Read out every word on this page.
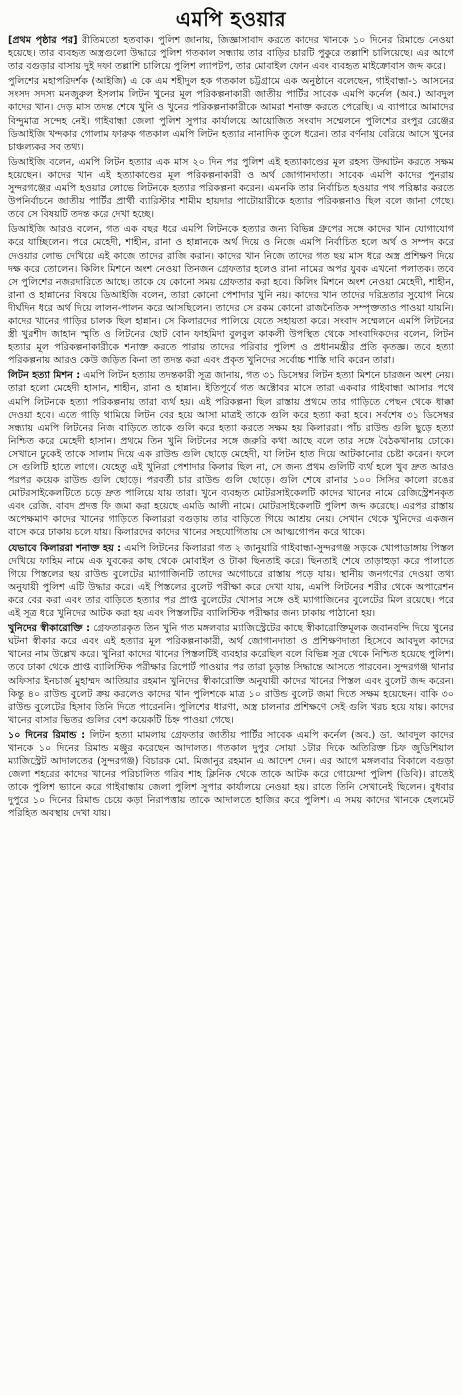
এমপি হওয়ার

[প্রথম পৃষ্ঠার পর] রীতিমতো হতবাক। পুলিশ জানায়, জিজ্ঞাসাবাদ করতে কাদের খানকে ১০ দিনের রিমান্ডে নেওয়া হয়েছে। তার ব্যবহৃত অস্ত্রগুলো উদ্ধারে পুলিশ গতকাল সন্ধ্যায় তার বাড়ির চারটি পুকুরে তল্লাশি চালিয়েছে। এর আগে তার বগুড়ার বাসায় দুই দফা তল্লাশি চালিয়ে পুলিশ ল্যাপটপ, তার মোবাইল ফোন এবং ব্যবহৃত মাইক্রোবাস জব্দ করে।

পুলিশের মহাপরিদর্শক (আইজি) এ কে এম শহীদুল হক গতকাল চট্টগ্রামে এক অনুষ্ঠানে বলেছেন, গাইবান্ধা-১ আসনের সংসদ সদস্য মনজুরুল ইসলাম লিটন খুনের মূল পরিকল্পনাকারী জাতীয় পার্টির সাবেক এমপি কর্নেল (অব.) আবদুল কাদের খান। দেড় মাস তদন্ত শেষে খুনি ও খুনের পরিকল্পনাকারীকে আমরা শনাক্ত করতে পেরেছি। এ ব্যাপারে আমাদের বিন্দুমাত্র সন্দেহ নেই। গাইবান্ধা জেলা পুলিশ সুপার কার্যালয়ে আয়োজিত সংবাদ সম্মেলনে পুলিশের রংপুর রেঞ্জের ডিআইজি খন্দকার গোলাম ফারুক গতকাল এমপি লিটন হত্যার নানাদিক তুলে ধরেন। তার বর্ণনায় বেরিয়ে আসে খুনের চাঞ্চল্যকর সব তথ্য।

ডিআইজি বলেন, এমপি লিটন হত্যার এক মাস ২০ দিন পর পুলিশ এই হত্যাকাণ্ডের মূল রহস্য উদ্ঘাটন করতে সক্ষম হয়েছেন। কাদের খান এই হত্যাকাণ্ডের মূল পরিকল্পনাকারী ও অর্থ জোগানদাতা। সাবেক এমপি কাদের পুনরায় সুন্দরগঞ্জের এমপি হওয়ার লোভে লিটনকে হত্যার পরিকল্পনা করেন। এমনকি তার নির্বাচিত হওয়ার পথ পরিষ্কার করতে উপনির্বাচনে জাতীয় পার্টির প্রার্থী ব্যারিস্টার শামীম হায়দার পাটোয়ারীকে হত্যার পরিকল্পনাও ছিল বলে জানা গেছে। তবে সে বিষয়টি তদন্ত করে দেখা হচ্ছে।

ডিআইজি আরও বলেন, গত এক বছর ধরে এমপি লিটনকে হত্যার জন্য বিভিন্ন গ্রুপের সঙ্গে কাদের খান যোগাযোগ করে যাচ্ছিলেন। পরে মেহেদী, শাহীন, রানা ও হান্নানকে অর্থ দিয়ে ও নিজে এমপি নির্বাচিত হলে অর্থ ও সম্পদ করে দেওয়ার লোভ দেখিয়ে এই কাজে তাদের রাজি করান। কাদের খান নিজে তাদের গত ছয় মাস ধরে অস্ত্র প্রশিক্ষণ দিয়ে দক্ষ করে তোলেন। কিলিং মিশনে অংশ নেওয়া তিনজন গ্রেফতার হলেও রানা নামের অপর যুবক এখনো পলাতক। তবে সে পুলিশের নজরদারিতে আছে। তাকে যে কোনো সময় গ্রেফতার করা হবে। কিলিং মিশনে অংশ নেওয়া মেহেদী, শাহীন, রানা ও হান্নানের বিষয়ে ডিআইজি বলেন, তারা কোনো পেশাদার খুনি নয়। কাদের খান তাদের দরিদ্রতার সুযোগ নিয়ে দীর্ঘদিন ধরে অর্থ দিয়ে লালন-পালন করে আসছিলেন। তাদের সে রকম কোনো রাজনৈতিক সম্পৃক্ততাও পাওয়া যায়নি। কাদের খানের গাড়ির চালক ছিল হান্নান। সে কিলারদের পালিয়ে যেতে সহায়তা করে। সংবাদ সম্মেলনে এমপি লিটনের স্ত্রী খুরশীদ জাহান স্মৃতি ও লিটনের ছোট বোন ফাহমিদা বুলবুল কাকলী উপস্থিত থেকে সাংবাদিকদের বলেন, লিটন হত্যার মূল পরিকল্পনাকারীকে শনাক্ত করতে পারায় তাদের পরিবার পুলিশ ও প্রধানমন্ত্রীর প্রতি কৃতজ্ঞ। তবে হত্যা পরিকল্পনায় আরও কেউ জড়িত কিনা তা তদন্ত করা এবং প্রকৃত খুনিদের সর্বোচ্চ শাস্তি দাবি করেন তারা।

লিটন হত্যা মিশন : এমপি লিটন হত্যায় তদন্তকারী সূত্র জানায়, গত ৩১ ডিসেম্বর লিটন হত্যা মিশনে চারজন অংশ নেয়। তারা হলো মেহেদী হাসান, শাহীন, রানা ও হান্নান। ইতিপূর্বে গত অক্টোবর মাসে তারা একবার গাইবান্ধা আসার পথে এমপি লিটনকে হত্যা পরিকল্পনায় তারা ব্যর্থ হয়। এই পরিকল্পনা ছিল রাস্তায় প্রথমে তার গাড়িতে পেছন থেকে ধাক্কা দেওয়া হবে। এতে গাড়ি থামিয়ে লিটন বের হয়ে আসা মাত্রই তাকে গুলি করে হত্যা করা হবে। সর্বশেষ ৩১ ডিসেম্বর সন্ধ্যায় এমপি লিটনের নিজ বাড়িতে তাকে গুলি করে হত্যা করতে সক্ষম হয় কিলাররা। পাঁচ রাউন্ড গুলি ছুড়ে হত্যা নিশ্চিত করে মেহেদী হাসান। প্রথমে তিন খুনি লিটনের সঙ্গে জরুরি কথা আছে বলে তার সঙ্গে বৈঠকখানায় ঢোকে। সেখানে ঢুকেই তাকে সালাম দিয়ে এক রাউন্ড গুলি ছোড়ে মেহেদী, যা লিটন হাত দিয়ে আটকানোর চেষ্টা করেন। ফলে সে গুলিটি হাতে লাগে। যেহেতু এই খুনিরা পেশাদার কিলার ছিল না, সে জন্য প্রথম গুলিটি ব্যর্থ হলে খুব দ্রুত আরও পরপর কয়েক রাউন্ড গুলি ছোড়ে। পরবর্তী চার রাউন্ড গুলি ছোড়ে। গুলি শেষে রানার ১০০ সিসির কালো রঙের মোটরসাইকেলটিতে চড়ে দ্রুত পালিয়ে যায় তারা। খুনে ব্যবহৃত মোটরসাইকেলটি কাদের খানের নামে রেজিস্ট্রেশনকৃত এবং রেজি. বাবদ প্রদত্ত ফি জমা করা হয়েছে এমডি আলী নামে। মোটরসাইকেলটি পুলিশ জব্দ করেছে। এরপর রাস্তায় অপেক্ষমাণ কাদের খানের গাড়িতে কিলাররা বগুড়ায় তার বাড়িতে গিয়ে আশ্রয় নেয়। সেখান থেকে খুনিদের একজন বাসে করে ঢাকায় চলে যায়। কিলারদের কাদের খানের সহযোগিতায় সে আত্মগোপন করে থাকে।

যেভাবে কিলাররা শনাক্ত হয় : এমপি লিটনের কিলাররা গত ২ জানুয়ারি গাইবান্ধা-সুন্দরগঞ্জ সড়কে খোপাডাঙ্গায় পিস্তল দেখিয়ে ফাহিম নামে এক যুবকের কাছ থেকে মোবাইল ও টাকা ছিনতাই করে। ছিনতাই শেষে তাড়াহুড়া করে পালাতে গিয়ে পিস্তলের ছয় রাউন্ড বুলেটের ম্যাগাজিনটি তাদের অগোচরে রাস্তায় পড়ে যায়। স্থানীয় জনগণের দেওয়া তথ্য অনুযায়ী পুলিশ এটি উদ্ধার করে। এই পিস্তলের বুলেট পরীক্ষা করে দেখা যায়, এমপি লিটনের শরীর থেকে অপারেশন করে বের করা এবং তার বাড়িতে হত্যার পর প্রাপ্ত বুলেটের খোসার সঙ্গে ওই ম্যাগাজিনের বুলেটের মিল রয়েছে। পরে এই সূত্র ধরে খুনিদের আটক করা হয় এবং পিস্তলটির ব্যালিস্টিক পরীক্ষার জন্য ঢাকায় পাঠানো হয়।

খুনিদের স্বীকারোক্তি : গ্রেফতারকৃত তিন খুনি গত মঙ্গলবার ম্যাজিস্ট্রেটের কাছে স্বীকারোক্তিমূলক জবানবন্দি দিয়ে খুনের ঘটনা স্বীকার করে এবং এই হত্যার মূল পরিকল্পনাকারী, অর্থ জোগানদাতা ও প্রশিক্ষণদাতা হিসেবে আবদুল কাদের খানের নাম উল্লেখ করে। খুনিরা কাদের খানের পিস্তলটিই ব্যবহার করেছিল বলে বিভিন্ন সূত্র থেকে নিশ্চিত হয়েছে পুলিশ। তবে ঢাকা থেকে প্রাপ্ত ব্যালিস্টিক পরীক্ষার রিপোর্ট পাওয়ার পর তারা চূড়ান্ত সিদ্ধান্তে আসতে পারবেন। সুন্দরগঞ্জ থানার অফিসার ইনচার্জ মুহাম্মদ আতিয়ার রহমান খুনিদের স্বীকারোক্তি অনুযায়ী কাদের খানের পিস্তল এবং বুলেট জব্দ করেন। কিন্তু ৪০ রাউন্ড বুলেট ক্রয় করলেও কাদের খান পুলিশকে মাত্র ১০ রাউন্ড বুলেট জমা দিতে সক্ষম হয়েছেন। বাকি ৩০ রাউন্ড বুলেটের হিসাব তিনি দিতে পারেননি। পুলিশের ধারণা, অস্ত্র চালনার প্রশিক্ষণে সেই গুলি খরচ হয়ে যায়। কাদের খানের বাসার ভিতর গুলির বেশ কয়েকটি চিহ্ন পাওয়া গেছে।

১০ দিনের রিমান্ড : লিটন হত্যা মামলায় গ্রেফতার জাতীয় পার্টির সাবেক এমপি কর্নেল (অব.) ডা. আবদুল কাদের খানকে ১০ দিনের রিমান্ড মঞ্জুর করেছেন আদালত। গতকাল দুপুর সোয়া ১টার দিকে অতিরিক্ত চিফ জুডিশিয়াল ম্যাজিস্ট্রেট আদালতের (সুন্দরগঞ্জ) বিচারক মো. মিজানুর রহমান এ আদেশ দেন। এর আগে মঙ্গলবার বিকালে বগুড়া জেলা শহরের কাদের খানের পরিচালিত গরিব শাহ ক্লিনিক থেকে তাকে আটক করে গোয়েন্দা পুলিশ (ডিবি)। রাতেই তাকে পুলিশ ভ্যানে করে গাইবান্ধায় জেলা পুলিশ সুপার কার্যালয়ে নেওয়া হয়। রাতে তিনি সেখানেই ছিলেন। বুধবার দুপুরে ১০ দিনের রিমান্ড চেয়ে কড়া নিরাপত্তায় তাকে আদালতে হাজির করে পুলিশ। এ সময় কাদের খানকে হেলমেট পরিহিত অবস্থায় দেখা যায়।
